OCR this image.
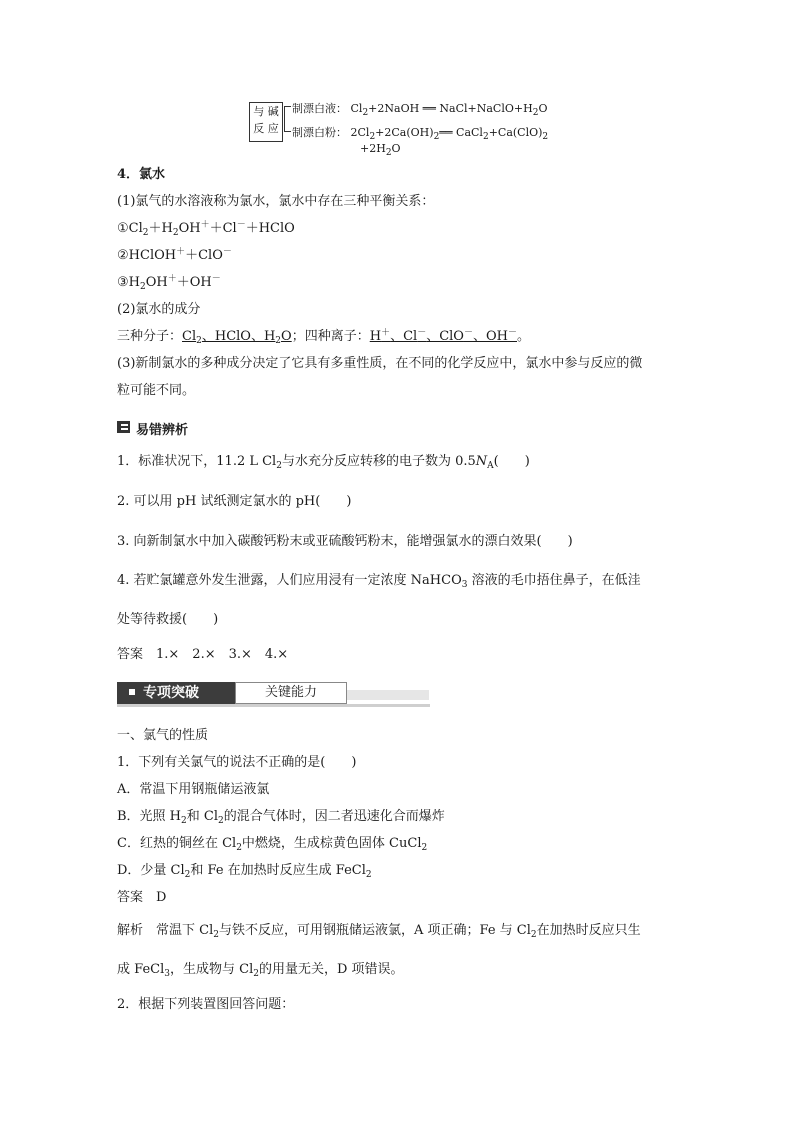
与 碱
反 应
制漂白液： $Cl_2+2NaOH$ ══ $NaCl+NaClO+H_2O$
制漂白粉： $2Cl_2+2Ca(OH)_2══$ $CaCl_2+Ca(ClO)_2$
$+2H_2O$
4．氯水
(1)氯气的水溶液称为氯水，氯水中存在三种平衡关系：
$①Cl_2+H_2O​H^++Cl^-+HClO$
②HClO​H＋＋ClO－
$③H_2O​H^++OH^-$
(2)氯水的成分
三种分子：$Cl_2$、HClO、$H_2O$；四种离子：H＋、Cl－、ClO－、OH－。
(3)新制氯水的多种成分决定了它具有多重性质，在不同的化学反应中，氯水中参与反应的微
粒可能不同。
易错辨析
1．标准状况下，11.2 L $Cl_2$与水充分反应转移的电子数为 $0.5N_A$(　　)
2. 可以用 pH 试纸测定氯水的 pH(　　)
3. 向新制氯水中加入碳酸钙粉末或亚硫酸钙粉末，能增强氯水的漂白效果(　　)
4. 若贮氯罐意外发生泄露，人们应用浸有一定浓度 NaHCO$_3$ 溶液的毛巾捂住鼻子，在低洼
处等待救援(　　)
答案　1.×　2.×　3.×　4.×
专项突破	关键能力
一、氯气的性质
1．下列有关氯气的说法不正确的是(　　)
A．常温下用钢瓶储运液氯
B．光照 $H_2$和 $Cl_2$的混合气体时，因二者迅速化合而爆炸
C．红热的铜丝在 $Cl_2$中燃烧，生成棕黄色固体 CuCl$_2$
D．少量 $Cl_2$和 Fe 在加热时反应生成 FeCl$_2$
答案　D
解析　常温下 $Cl_2$与铁不反应，可用钢瓶储运液氯，A 项正确；Fe 与 $Cl_2$在加热时反应只生
成 FeCl$_3$，生成物与 $Cl_2$的用量无关，D 项错误。
2．根据下列装置图回答问题：
